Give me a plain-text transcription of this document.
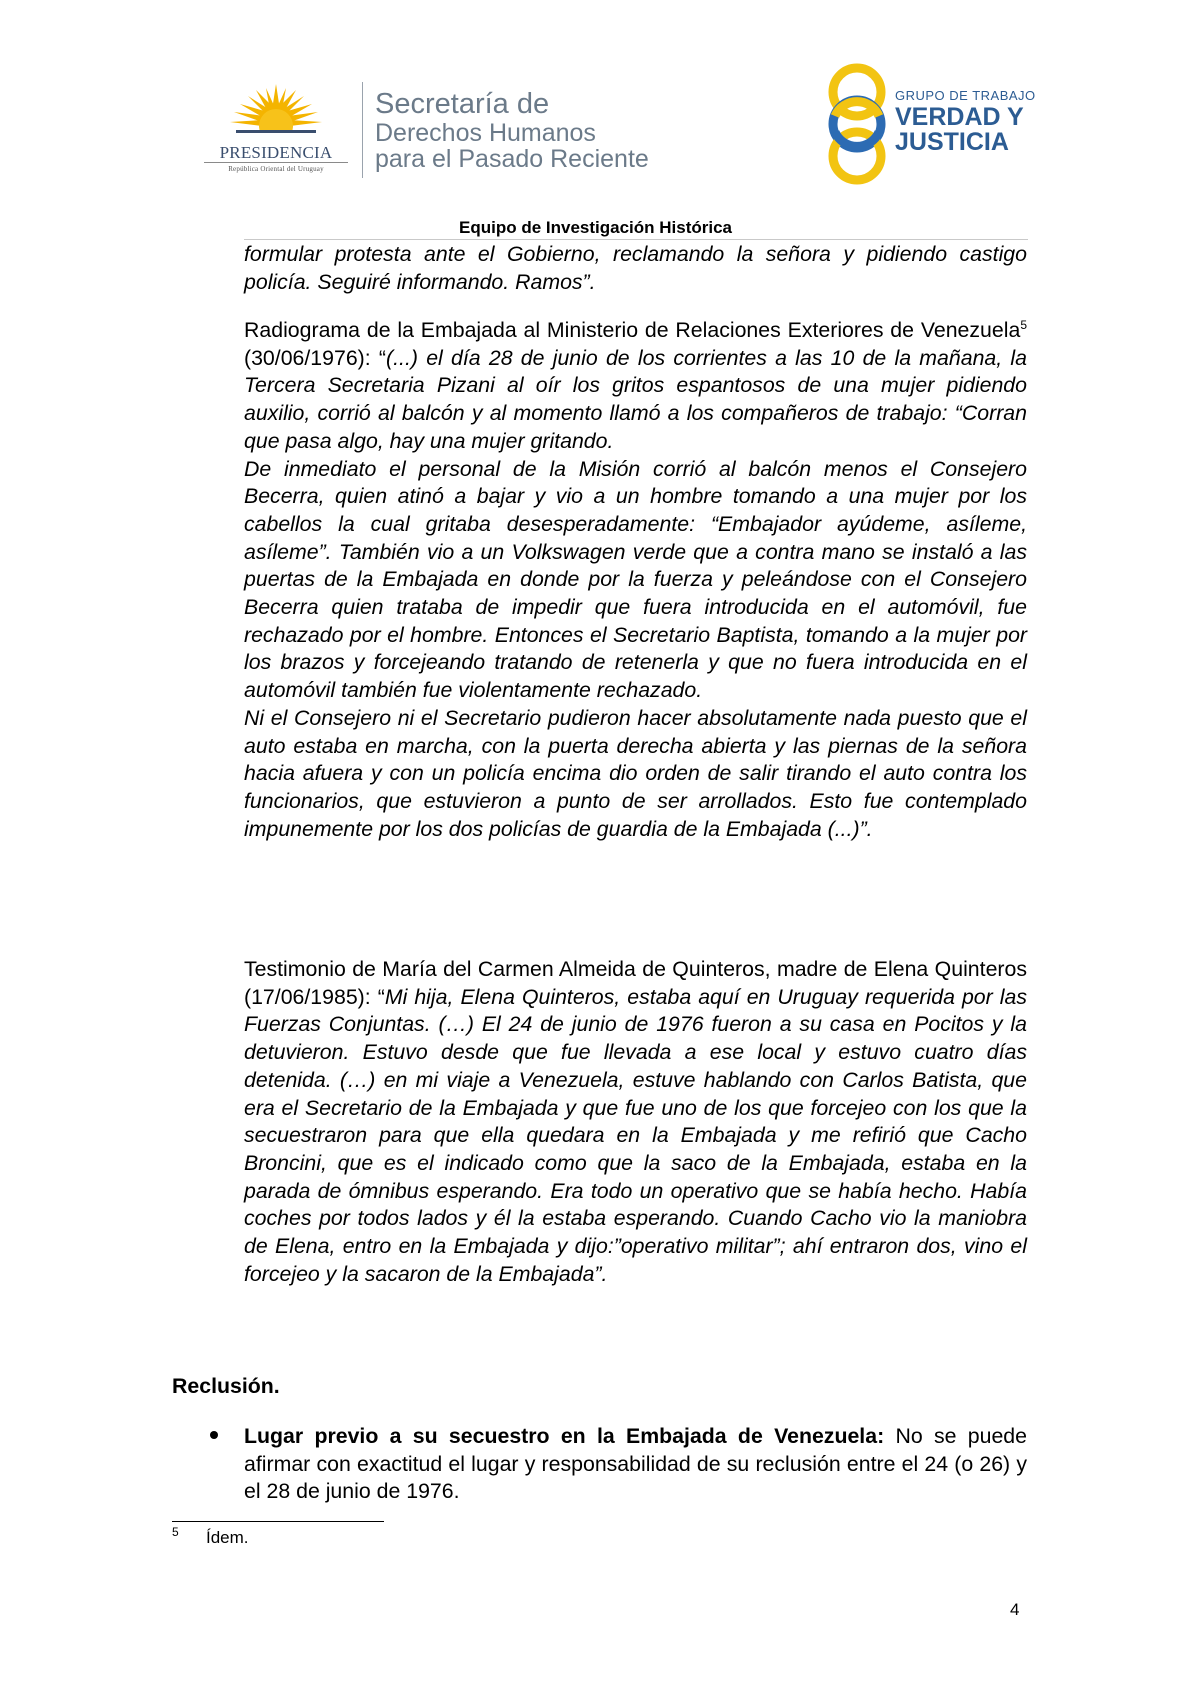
PRESIDENCIA
República Oriental del Uruguay
Secretaría de
Derechos Humanos
para el Pasado Reciente
GRUPO DE TRABAJO
VERDAD Y
JUSTICIA
Equipo de Investigación Histórica

formular protesta ante el Gobierno, reclamando la señora y pidiendo castigo policía. Seguiré informando. Ramos”.

Radiograma de la Embajada al Ministerio de Relaciones Exteriores de Venezuela$^5$ (30/06/1976): “(...) el día 28 de junio de los corrientes a las 10 de la mañana, la Tercera Secretaria Pizani al oír los gritos espantosos de una mujer pidiendo auxilio, corrió al balcón y al momento llamó a los compañeros de trabajo: “Corran que pasa algo, hay una mujer gritando.

De inmediato el personal de la Misión corrió al balcón menos el Consejero Becerra, quien atinó a bajar y vio a un hombre tomando a una mujer por los cabellos la cual gritaba desesperadamente: “Embajador ayúdeme, asíleme, asíleme”. También vio a un Volkswagen verde que a contra mano se instaló a las puertas de la Embajada en donde por la fuerza y peleándose con el Consejero Becerra quien trataba de impedir que fuera introducida en el automóvil, fue rechazado por el hombre. Entonces el Secretario Baptista, tomando a la mujer por los brazos y forcejeando tratando de retenerla y que no fuera introducida en el automóvil también fue violentamente rechazado.

Ni el Consejero ni el Secretario pudieron hacer absolutamente nada puesto que el auto estaba en marcha, con la puerta derecha abierta y las piernas de la señora hacia afuera y con un policía encima dio orden de salir tirando el auto contra los funcionarios, que estuvieron a punto de ser arrollados. Esto fue contemplado impunemente por los dos policías de guardia de la Embajada (...)”.

Testimonio de María del Carmen Almeida de Quinteros, madre de Elena Quinteros (17/06/1985): “Mi hija, Elena Quinteros, estaba aquí en Uruguay requerida por las Fuerzas Conjuntas. (…) El 24 de junio de 1976 fueron a su casa en Pocitos y la detuvieron. Estuvo desde que fue llevada a ese local y estuvo cuatro días detenida. (…) en mi viaje a Venezuela, estuve hablando con Carlos Batista, que era el Secretario de la Embajada y que fue uno de los que forcejeo con los que la secuestraron para que ella quedara en la Embajada y me refirió que Cacho Broncini, que es el indicado como que la saco de la Embajada, estaba en la parada de ómnibus esperando. Era todo un operativo que se había hecho. Había coches por todos lados y él la estaba esperando. Cuando Cacho vio la maniobra de Elena, entro en la Embajada y dijo:”operativo militar”; ahí entraron dos, vino el forcejeo y la sacaron de la Embajada”.

Reclusión.

Lugar previo a su secuestro en la Embajada de Venezuela: No se puede afirmar con exactitud el lugar y responsabilidad de su reclusión entre el 24 (o 26) y el 28 de junio de 1976.

5 Ídem.
4
